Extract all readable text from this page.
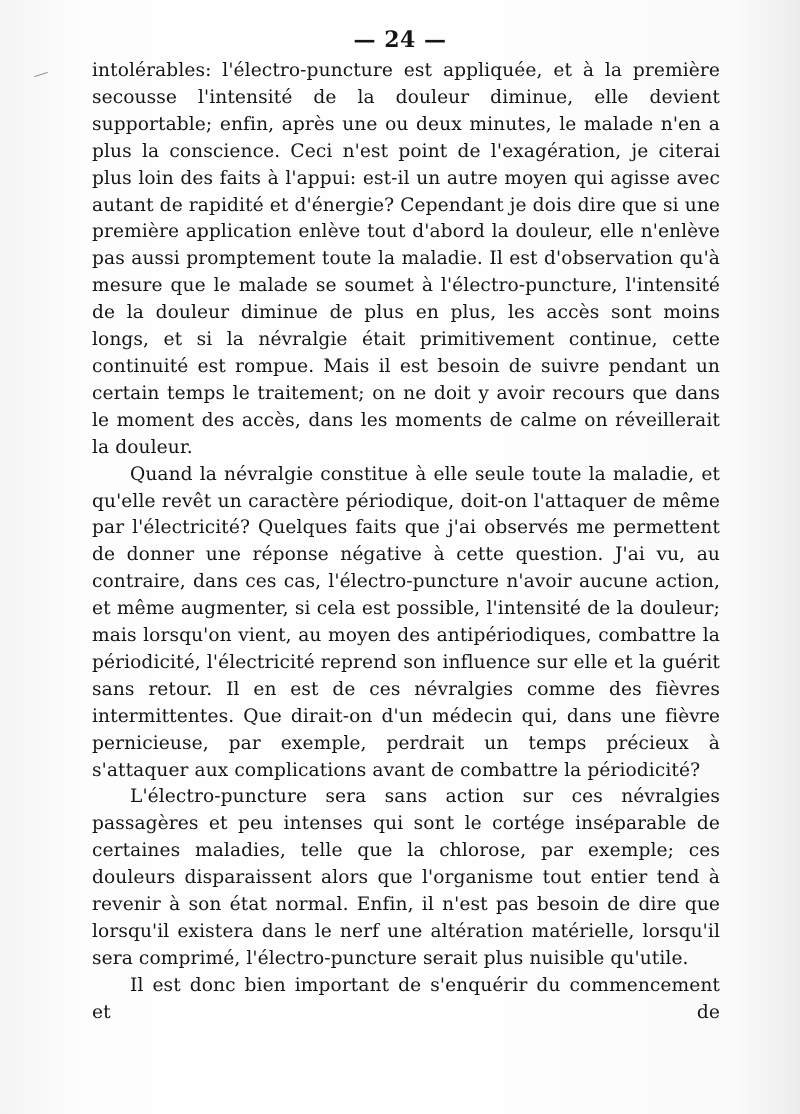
— 24 —

intolérables: l'électro-puncture est appliquée, et à la première secousse l'intensité de la douleur diminue, elle devient supportable; enfin, après une ou deux minutes, le malade n'en a plus la conscience. Ceci n'est point de l'exagération, je citerai plus loin des faits à l'appui: est-il un autre moyen qui agisse avec autant de rapidité et d'énergie? Cependant je dois dire que si une première application enlève tout d'abord la douleur, elle n'enlève pas aussi promptement toute la maladie. Il est d'observation qu'à mesure que le malade se soumet à l'électro-puncture, l'intensité de la douleur diminue de plus en plus, les accès sont moins longs, et si la névralgie était primitivement continue, cette continuité est rompue. Mais il est besoin de suivre pendant un certain temps le traitement; on ne doit y avoir recours que dans le moment des accès, dans les moments de calme on réveillerait la douleur.

Quand la névralgie constitue à elle seule toute la maladie, et qu'elle revêt un caractère périodique, doit-on l'attaquer de même par l'électricité? Quelques faits que j'ai observés me permettent de donner une réponse négative à cette question. J'ai vu, au contraire, dans ces cas, l'électro-puncture n'avoir aucune action, et même augmenter, si cela est possible, l'intensité de la douleur; mais lorsqu'on vient, au moyen des antipériodiques, combattre la périodicité, l'électricité reprend son influence sur elle et la guérit sans retour. Il en est de ces névralgies comme des fièvres intermittentes. Que dirait-on d'un médecin qui, dans une fièvre pernicieuse, par exemple, perdrait un temps précieux à s'attaquer aux complications avant de combattre la périodicité?

L'électro-puncture sera sans action sur ces névralgies passagères et peu intenses qui sont le cortége inséparable de certaines maladies, telle que la chlorose, par exemple; ces douleurs disparaissent alors que l'organisme tout entier tend à revenir à son état normal. Enfin, il n'est pas besoin de dire que lorsqu'il existera dans le nerf une altération matérielle, lorsqu'il sera comprimé, l'électro-puncture serait plus nuisible qu'utile.

Il est donc bien important de s'enquérir du commencement et de
